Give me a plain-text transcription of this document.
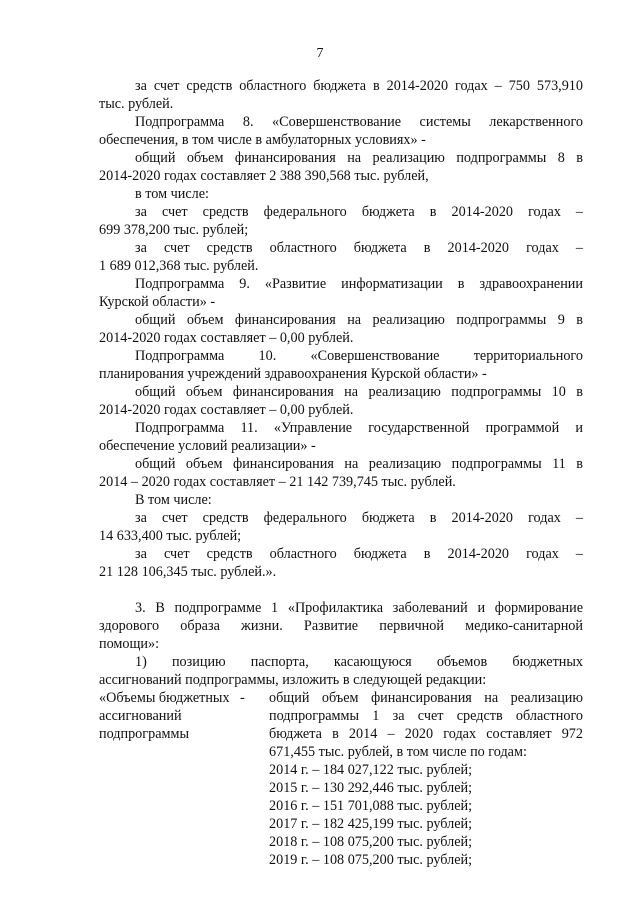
7
за счет средств областного бюджета в 2014-2020 годах – 750 573,910
тыс. рублей.
Подпрограмма 8. «Совершенствование системы лекарственного
обеспечения, в том числе в амбулаторных условиях» -
общий объем финансирования на реализацию подпрограммы 8 в
2014-2020 годах составляет 2 388 390,568 тыс. рублей,
в том числе:
за счет средств федерального бюджета в 2014-2020 годах –
699 378,200 тыс. рублей;
за счет средств областного бюджета в 2014-2020 годах –
1 689 012,368 тыс. рублей.
Подпрограмма 9. «Развитие информатизации в здравоохранении
Курской области» -
общий объем финансирования на реализацию подпрограммы 9 в
2014-2020 годах составляет – 0,00 рублей.
Подпрограмма 10. «Совершенствование территориального
планирования учреждений здравоохранения Курской области» -
общий объем финансирования на реализацию подпрограммы 10 в
2014-2020 годах составляет – 0,00 рублей.
Подпрограмма 11. «Управление государственной программой и
обеспечение условий реализации» -
общий объем финансирования на реализацию подпрограммы 11 в
2014 – 2020 годах составляет – 21 142 739,745 тыс. рублей.
В том числе:
за счет средств федерального бюджета в 2014-2020 годах –
14 633,400 тыс. рублей;
за счет средств областного бюджета в 2014-2020 годах –
21 128 106,345 тыс. рублей.».
3. В подпрограмме 1 «Профилактика заболеваний и формирование
здорового образа жизни. Развитие первичной медико-санитарной
помощи»:
1) позицию паспорта, касающуюся объемов бюджетных
ассигнований подпрограммы, изложить в следующей редакции:
«Объемы бюджетных
ассигнований
подпрограммы
- общий объем финансирования на реализацию
подпрограммы 1 за счет средств областного
бюджета в 2014 – 2020 годах составляет 972
671,455 тыс. рублей, в том числе по годам:
2014 г. – 184 027,122 тыс. рублей;
2015 г. – 130 292,446 тыс. рублей;
2016 г. – 151 701,088 тыс. рублей;
2017 г. – 182 425,199 тыс. рублей;
2018 г. – 108 075,200 тыс. рублей;
2019 г. – 108 075,200 тыс. рублей;
